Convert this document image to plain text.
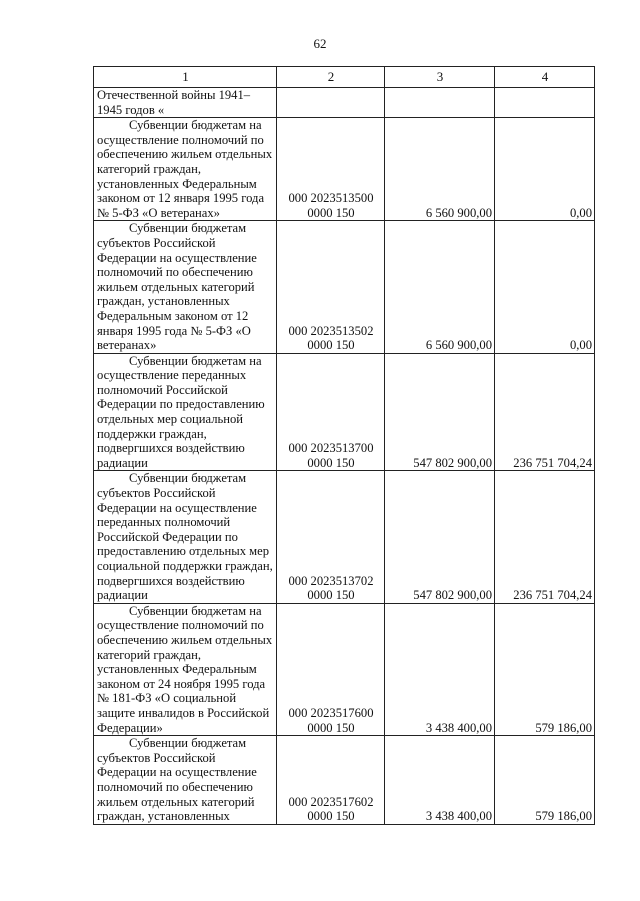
62
1	2	3	4
Отечественной войны 1941–1945 годов «			
Субвенции бюджетам на осуществление полномочий по обеспечению жильем отдельных категорий граждан, установленных Федеральным законом от 12 января 1995 года № 5-ФЗ «О ветеранах»	000 2023513500 0000 150	6 560 900,00	0,00
Субвенции бюджетам субъектов Российской Федерации на осуществление полномочий по обеспечению жильем отдельных категорий граждан, установленных Федеральным законом от 12 января 1995 года № 5-ФЗ «О ветеранах»	000 2023513502 0000 150	6 560 900,00	0,00
Субвенции бюджетам на осуществление переданных полномочий Российской Федерации по предоставлению отдельных мер социальной поддержки граждан, подвергшихся воздействию радиации	000 2023513700 0000 150	547 802 900,00	236 751 704,24
Субвенции бюджетам субъектов Российской Федерации на осуществление переданных полномочий Российской Федерации по предоставлению отдельных мер социальной поддержки граждан, подвергшихся воздействию радиации	000 2023513702 0000 150	547 802 900,00	236 751 704,24
Субвенции бюджетам на осуществление полномочий по обеспечению жильем отдельных категорий граждан, установленных Федеральным законом от 24 ноября 1995 года № 181-ФЗ «О социальной защите инвалидов в Российской Федерации»	000 2023517600 0000 150	3 438 400,00	579 186,00
Субвенции бюджетам субъектов Российской Федерации на осуществление полномочий по обеспечению жильем отдельных категорий граждан, установленных	000 2023517602 0000 150	3 438 400,00	579 186,00
